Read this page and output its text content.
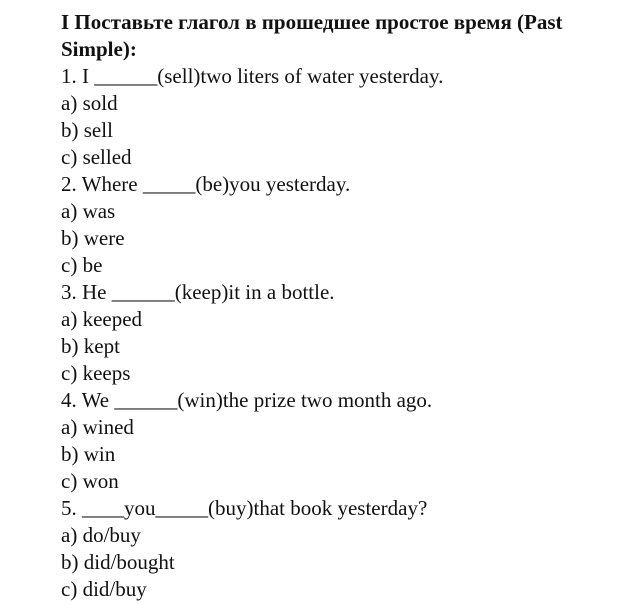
I Поставьте глагол в прошедшее простое время (Past Simple):
1. I ______(sell)two liters of water yesterday.
a) sold
b) sell
c) selled
2. Where _____(be)you yesterday.
a) was
b) were
c) be
3. He ______(keep)it in a bottle.
a) keeped
b) kept
c) keeps
4. We ______(win)the prize two month ago.
a) wined
b) win
c) won
5. ____you_____(buy)that book yesterday?
a) do/buy
b) did/bought
c) did/buy
